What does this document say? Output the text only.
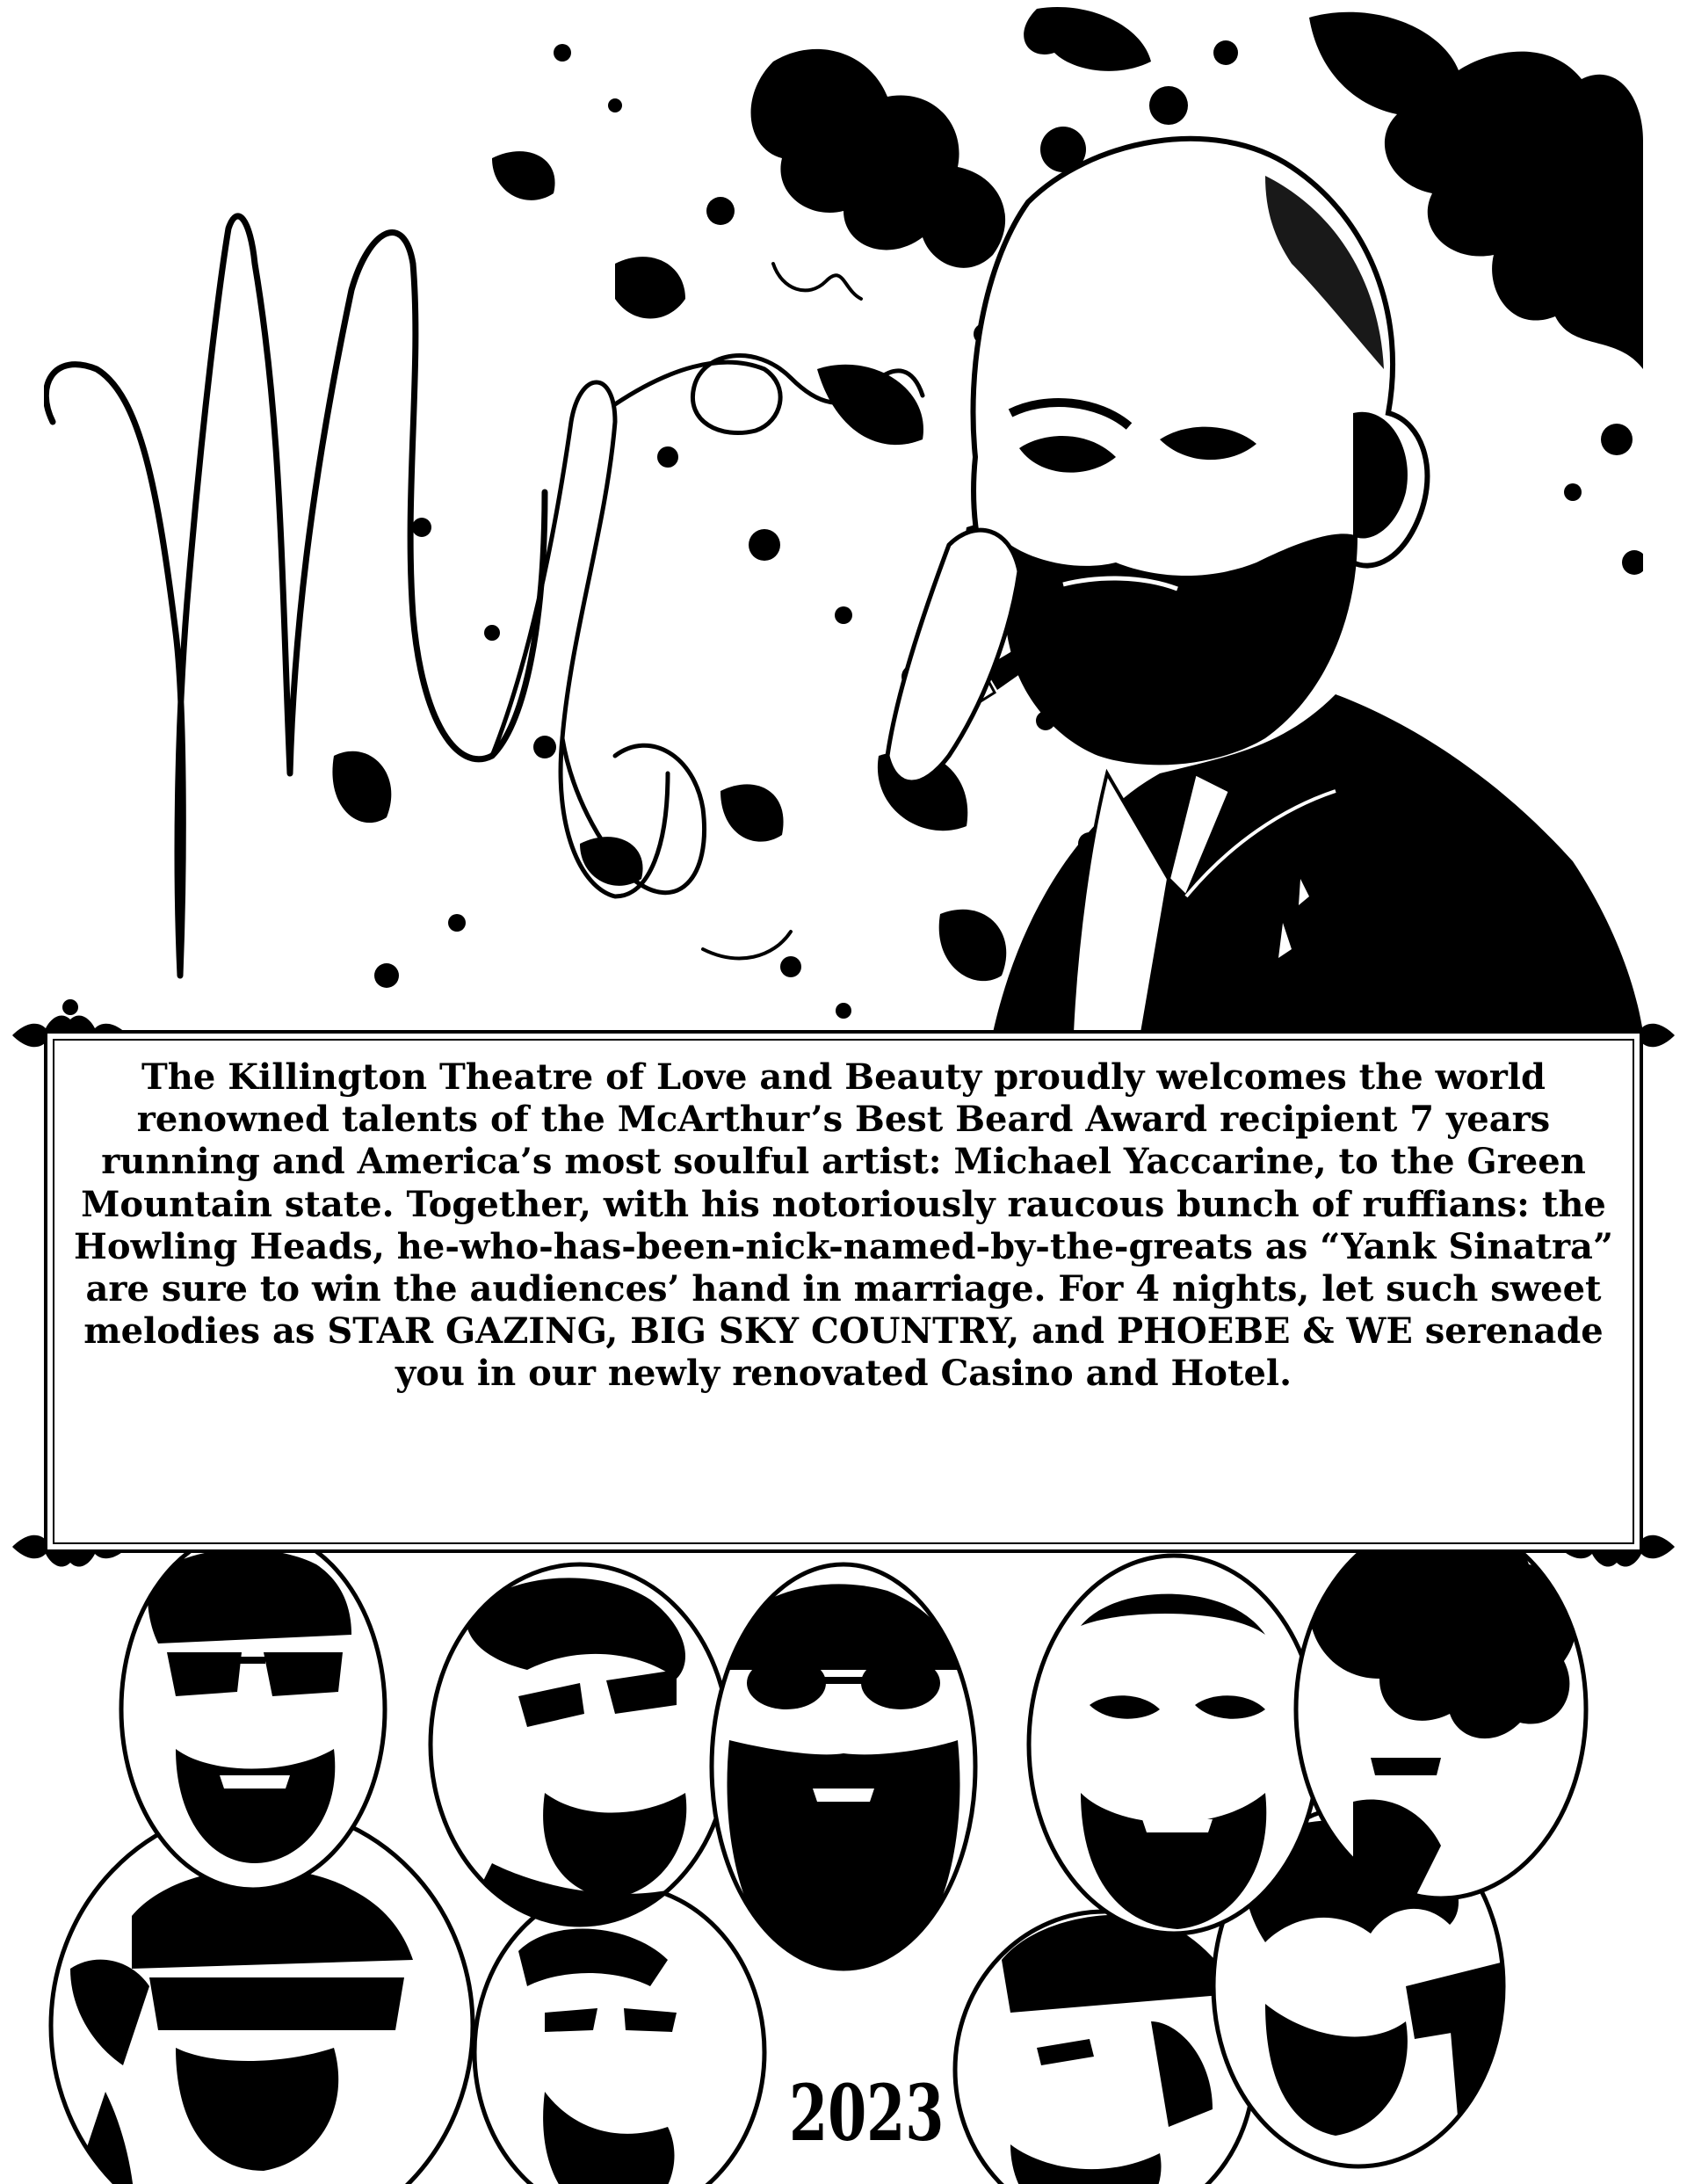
The Killington Theatre of Love and Beauty proudly welcomes the world renowned talents of the McArthur’s Best Beard Award recipient 7 years running and America’s most soulful artist: Michael Yaccarine, to the Green Mountain state. Together, with his notoriously raucous bunch of ruffians: the Howling Heads, he-who-has-been-nick-named-by-the-greats as “Yank Sinatra” are sure to win the audiences’ hand in marriage. For 4 nights, let such sweet melodies as STAR GAZING, BIG SKY COUNTRY, and PHOEBE & WE serenade you in our newly renovated Casino and Hotel.

2023
